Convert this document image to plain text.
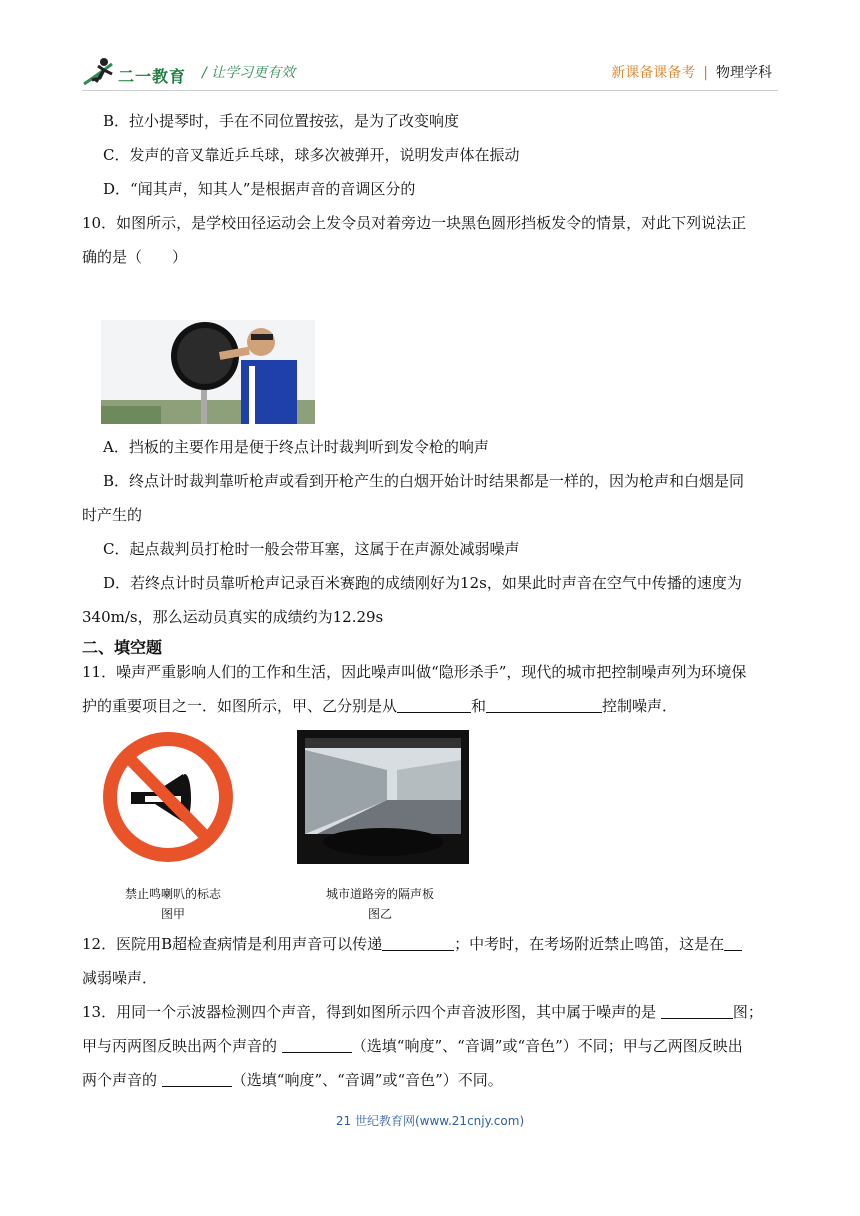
二一教育 / 让学习更有效	新课备课备考 | 物理学科
B．拉小提琴时，手在不同位置按弦，是为了改变响度
C．发声的音叉靠近乒乓球，球多次被弹开，说明发声体在振动
D．“闻其声，知其人”是根据声音的音调区分的
10．如图所示，是学校田径运动会上发令员对着旁边一块黑色圆形挡板发令的情景，对此下列说法正
确的是（　　）
A．挡板的主要作用是便于终点计时裁判听到发令枪的响声
B．终点计时裁判靠听枪声或看到开枪产生的白烟开始计时结果都是一样的，因为枪声和白烟是同
时产生的
C．起点裁判员打枪时一般会带耳塞，这属于在声源处减弱噪声
D．若终点计时员靠听枪声记录百米赛跑的成绩刚好为12s，如果此时声音在空气中传播的速度为
340m/s，那么运动员真实的成绩约为12.29s
二、填空题
11．噪声严重影响人们的工作和生活，因此噪声叫做“隐形杀手”，现代的城市把控制噪声列为环境保
护的重要项目之一．如图所示，甲、乙分别是从	和	控制噪声．
禁止鸣喇叭的标志
图甲
城市道路旁的隔声板
图乙
12．医院用B超检查病情是利用声音可以传递	；中考时，在考场附近禁止鸣笛，这是在
减弱噪声．
13．用同一个示波器检测四个声音，得到如图所示四个声音波形图，其中属于噪声的是	图；
甲与丙两图反映出两个声音的	（选填“响度”、“音调”或“音色”）不同；甲与乙两图反映出
两个声音的	（选填“响度”、“音调”或“音色”）不同。
21 世纪教育网(www.21cnjy.com)
